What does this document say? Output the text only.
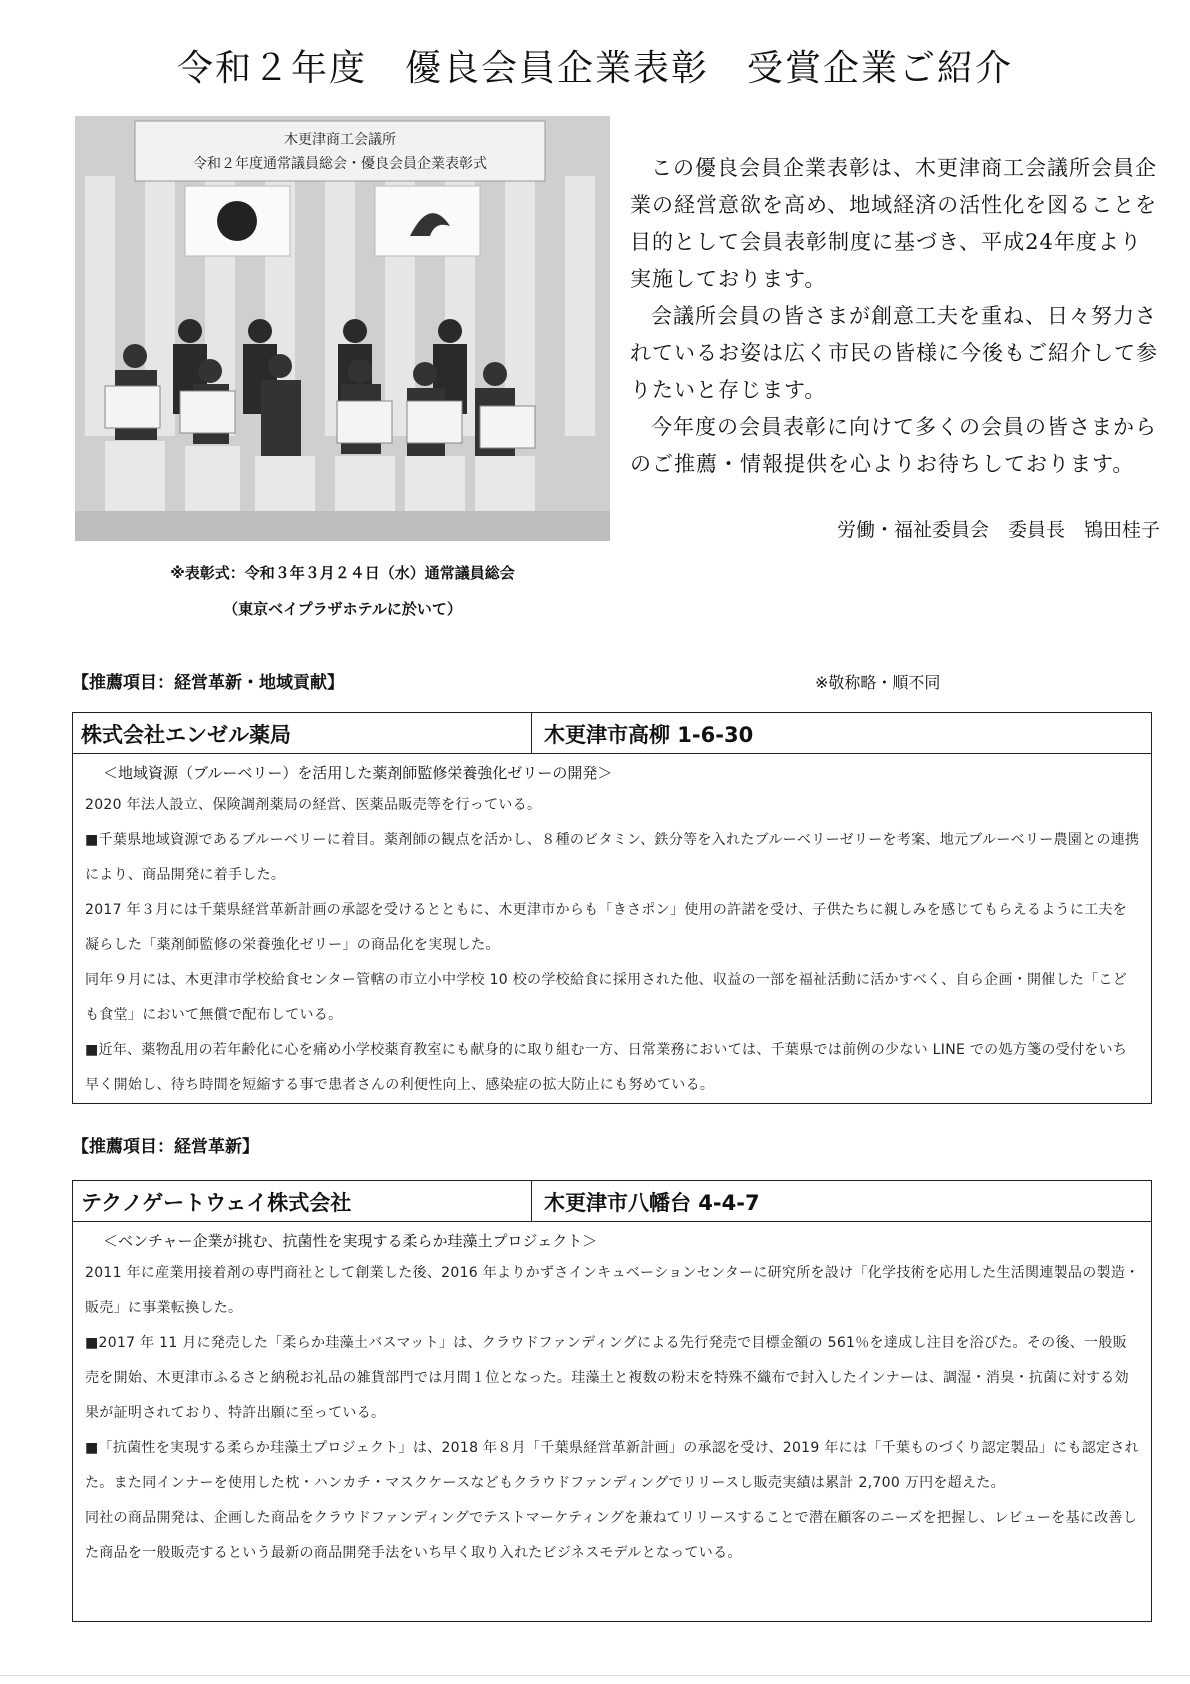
令和２年度　優良会員企業表彰　受賞企業ご紹介
木更津商工会議所
令和２年度通常議員総会・優良会員企業表彰式	この優良会員企業表彰は、木更津商工会議所会員企業の経営意欲を高め、地域経済の活性化を図ることを目的として会員表彰制度に基づき、平成24年度より実施しております。

会議所会員の皆さまが創意工夫を重ね、日々努力されているお姿は広く市民の皆様に今後もご紹介して参りたいと存じます。

今年度の会員表彰に向けて多くの会員の皆さまからのご推薦・情報提供を心よりお待ちしております。

労働・福祉委員会　委員長　鴇田桂子
※表彰式：令和３年３月２４日（水）通常議員総会
（東京ベイプラザホテルに於いて）
【推薦項目：経営革新・地域貢献】	※敬称略・順不同
株式会社エンゼル薬局	木更津市高柳 1-6-30
＜地域資源（ブルーベリー）を活用した薬剤師監修栄養強化ゼリーの開発＞
2020 年法人設立、保険調剤薬局の経営、医薬品販売等を行っている。
■千葉県地域資源であるブルーベリーに着目。薬剤師の観点を活かし、８種のビタミン、鉄分等を入れたブルーベリーゼリーを考案、地元ブルーベリー農園との連携により、商品開発に着手した。
2017 年３月には千葉県経営革新計画の承認を受けるとともに、木更津市からも「きさポン」使用の許諾を受け、子供たちに親しみを感じてもらえるように工夫を凝らした「薬剤師監修の栄養強化ゼリー」の商品化を実現した。
同年９月には、木更津市学校給食センター管轄の市立小中学校 10 校の学校給食に採用された他、収益の一部を福祉活動に活かすべく、自ら企画・開催した「こども食堂」において無償で配布している。
■近年、薬物乱用の若年齢化に心を痛め小学校薬育教室にも献身的に取り組む一方、日常業務においては、千葉県では前例の少ない LINE での処方箋の受付をいち早く開始し、待ち時間を短縮する事で患者さんの利便性向上、感染症の拡大防止にも努めている。
【推薦項目：経営革新】
テクノゲートウェイ株式会社	木更津市八幡台 4-4-7
＜ベンチャー企業が挑む、抗菌性を実現する柔らか珪藻土プロジェクト＞
2011 年に産業用接着剤の専門商社として創業した後、2016 年よりかずさインキュベーションセンターに研究所を設け「化学技術を応用した生活関連製品の製造・販売」に事業転換した。
■2017 年 11 月に発売した「柔らか珪藻土バスマット」は、クラウドファンディングによる先行発売で目標金額の 561％を達成し注目を浴びた。その後、一般販売を開始、木更津市ふるさと納税お礼品の雑貨部門では月間１位となった。珪藻土と複数の粉末を特殊不織布で封入したインナーは、調湿・消臭・抗菌に対する効果が証明されており、特許出願に至っている。
■「抗菌性を実現する柔らか珪藻土プロジェクト」は、2018 年８月「千葉県経営革新計画」の承認を受け、2019 年には「千葉ものづくり認定製品」にも認定された。また同インナーを使用した枕・ハンカチ・マスクケースなどもクラウドファンディングでリリースし販売実績は累計 2,700 万円を超えた。
同社の商品開発は、企画した商品をクラウドファンディングでテストマーケティングを兼ねてリリースすることで潜在顧客のニーズを把握し、レビューを基に改善した商品を一般販売するという最新の商品開発手法をいち早く取り入れたビジネスモデルとなっている。
